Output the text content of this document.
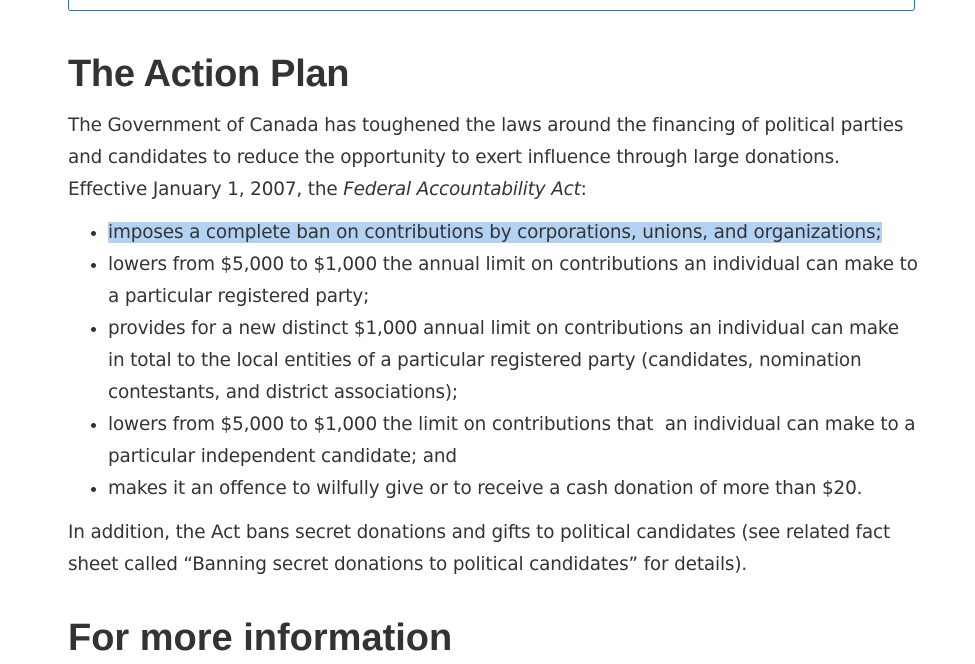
The Action Plan

The Government of Canada has toughened the laws around the financing of political parties and candidates to reduce the opportunity to exert influence through large donations. Effective January 1, 2007, the Federal Accountability Act:

• imposes a complete ban on contributions by corporations, unions, and organizations;
• lowers from $5,000 to $1,000 the annual limit on contributions an individual can make to a particular registered party;
• provides for a new distinct $1,000 annual limit on contributions an individual can make in total to the local entities of a particular registered party (candidates, nomination contestants, and district associations);
• lowers from $5,000 to $1,000 the limit on contributions that  an individual can make to a particular independent candidate; and
• makes it an offence to wilfully give or to receive a cash donation of more than $20.

In addition, the Act bans secret donations and gifts to political candidates (see related fact sheet called “Banning secret donations to political candidates” for details).

For more information
